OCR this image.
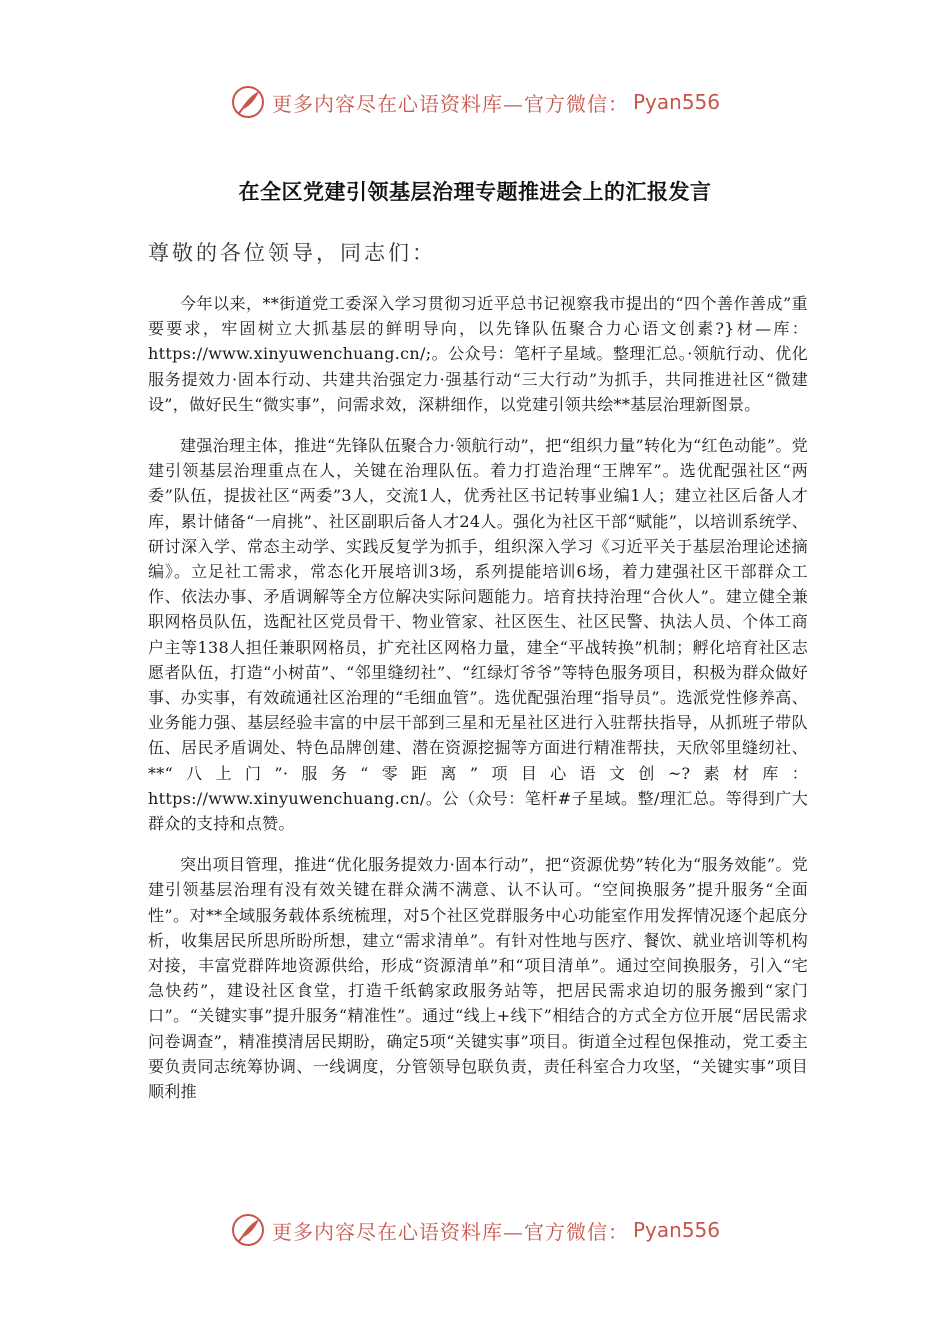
更多内容尽在心语资料库—官方微信： Pyan556
在全区党建引领基层治理专题推进会上的汇报发言
尊敬的各位领导，同志们：

今年以来，**街道党工委深入学习贯彻习近平总书记视察我市提出的“四个善作善成”重要要求，牢固树立大抓基层的鲜明导向，以先锋队伍聚合力心语文创素?}材—库：https://www.xinyuwenchuang.cn/;。公众号：笔杆子星域。整理汇总。·领航行动、优化服务提效力·固本行动、共建共治强定力·强基行动“三大行动”为抓手，共同推进社区“微建设”，做好民生“微实事”，问需求效，深耕细作，以党建引领共绘**基层治理新图景。

建强治理主体，推进“先锋队伍聚合力·领航行动”，把“组织力量”转化为“红色动能”。党建引领基层治理重点在人，关键在治理队伍。着力打造治理“王牌军”。选优配强社区“两委”队伍，提拔社区“两委”3人，交流1人，优秀社区书记转事业编1人；建立社区后备人才库，累计储备“一肩挑”、社区副职后备人才24人。强化为社区干部“赋能”，以培训系统学、研讨深入学、常态主动学、实践反复学为抓手，组织深入学习《习近平关于基层治理论述摘编》。立足社工需求，常态化开展培训3场，系列提能培训6场，着力建强社区干部群众工作、依法办事、矛盾调解等全方位解决实际问题能力。培育扶持治理“合伙人”。建立健全兼职网格员队伍，选配社区党员骨干、物业管家、社区医生、社区民警、执法人员、个体工商户主等138人担任兼职网格员，扩充社区网格力量，建全“平战转换”机制；孵化培育社区志愿者队伍，打造“小树苗”、“邻里缝纫社”、“红绿灯爷爷”等特色服务项目，积极为群众做好事、办实事，有效疏通社区治理的“毛细血管”。选优配强治理“指导员”。选派党性修养高、业务能力强、基层经验丰富的中层干部到三星和无星社区进行入驻帮扶指导，从抓班子带队伍、居民矛盾调处、特色品牌创建、潜在资源挖掘等方面进行精准帮扶，天欣邻里缝纫社、**“八上门”·服务“零距离”项目心语文创~?素材库：https://www.xinyuwenchuang.cn/。公（众号：笔杆#子星域。整/理汇总。等得到广大群众的支持和点赞。

突出项目管理，推进“优化服务提效力·固本行动”，把“资源优势”转化为“服务效能”。党建引领基层治理有没有效关键在群众满不满意、认不认可。“空间换服务”提升服务“全面性”。对**全域服务载体系统梳理，对5个社区党群服务中心功能室作用发挥情况逐个起底分析，收集居民所思所盼所想，建立“需求清单”。有针对性地与医疗、餐饮、就业培训等机构对接，丰富党群阵地资源供给，形成“资源清单”和“项目清单”。通过空间换服务，引入“宅急快药”，建设社区食堂，打造千纸鹤家政服务站等，把居民需求迫切的服务搬到“家门口”。“关键实事”提升服务“精准性”。通过“线上+线下”相结合的方式全方位开展“居民需求问卷调查”，精准摸清居民期盼，确定5项“关键实事”项目。街道全过程包保推动，党工委主要负责同志统筹协调、一线调度，分管领导包联负责，责任科室合力攻坚，“关键实事”项目顺利推

更多内容尽在心语资料库—官方微信： Pyan556
